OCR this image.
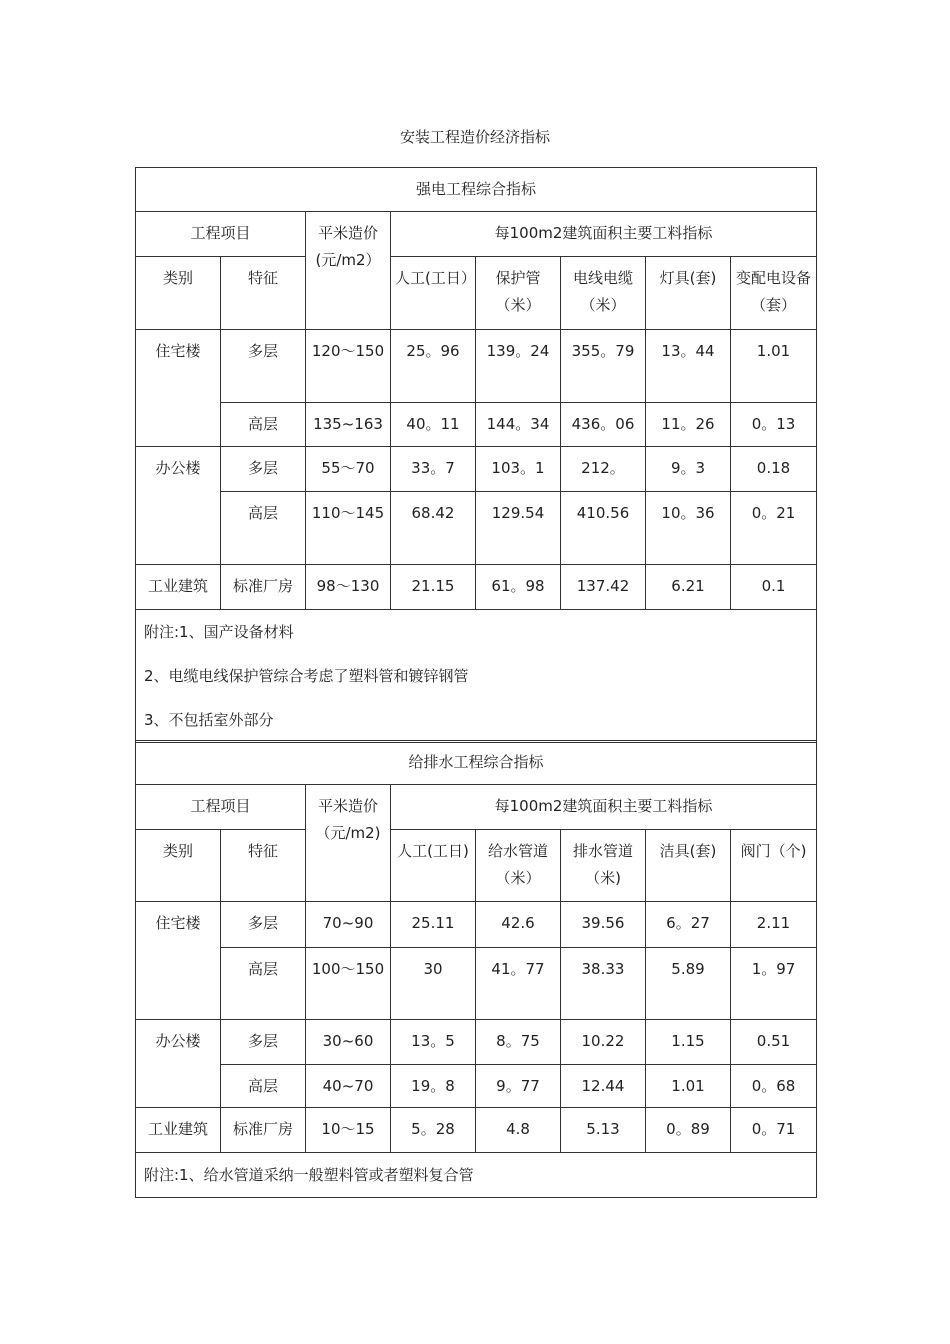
安装工程造价经济指标
强电工程综合指标							
工程项目		平米造价(元/m2）	每100m2建筑面积主要工料指标				
类别	特征		人工(工日）	保护管（米）	电线电缆（米）	灯具(套)	变配电设备（套）
住宅楼	多层	120～150	25。96	139。24	355。79	13。44	1.01
	高层	135~163	40。11	144。34	436。06	11。26	0。13
办公楼	多层	55～70	33。7	103。1	212。	9。3	0.18
	高层	110～145	68.42	129.54	410.56	10。36	0。21
工业建筑	标准厂房	98～130	21.15	61。98	137.42	6.21	0.1

附注:1、国产设备材料
2、电缆电线保护管综合考虑了塑料管和镀锌钢管
3、不包括室外部分							
给排水工程综合指标							
工程项目		平米造价（元/m2)	每100m2建筑面积主要工料指标				
类别	特征		人工(工日)	给水管道（米）	排水管道（米)	洁具(套)	阀门（个)
住宅楼	多层	70~90	25.11	42.6	39.56	6。27	2.11
	高层	100～150	30	41。77	38.33	5.89	1。97
办公楼	多层	30~60	13。5	8。75	10.22	1.15	0.51
	高层	40~70	19。8	9。77	12.44	1.01	0。68
工业建筑	标准厂房	10～15	5。28	4.8	5.13	0。89	0。71

附注:1、给水管道采纳一般塑料管或者塑料复合管							
